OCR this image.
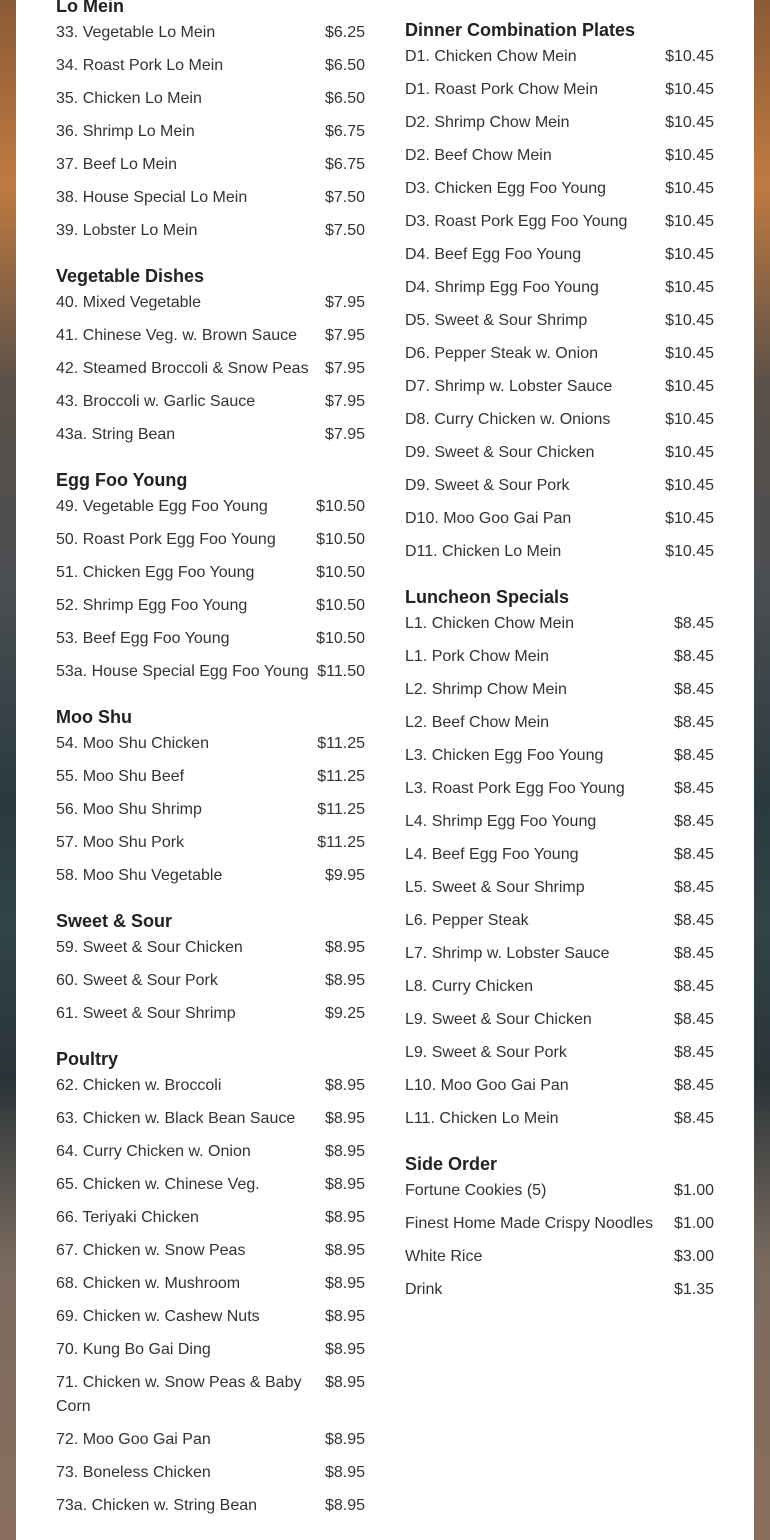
Lo Mein
33. Vegetable Lo Mein	$6.25
34. Roast Pork Lo Mein	$6.50
35. Chicken Lo Mein	$6.50
36. Shrimp Lo Mein	$6.75
37. Beef Lo Mein	$6.75
38. House Special Lo Mein	$7.50
39. Lobster Lo Mein	$7.50
Vegetable Dishes
40. Mixed Vegetable	$7.95
41. Chinese Veg. w. Brown Sauce	$7.95
42. Steamed Broccoli & Snow Peas	$7.95
43. Broccoli w. Garlic Sauce	$7.95
43a. String Bean	$7.95
Egg Foo Young
49. Vegetable Egg Foo Young	$10.50
50. Roast Pork Egg Foo Young	$10.50
51. Chicken Egg Foo Young	$10.50
52. Shrimp Egg Foo Young	$10.50
53. Beef Egg Foo Young	$10.50
53a. House Special Egg Foo Young $11.50
Moo Shu
54. Moo Shu Chicken	$11.25
55. Moo Shu Beef	$11.25
56. Moo Shu Shrimp	$11.25
57. Moo Shu Pork	$11.25
58. Moo Shu Vegetable	$9.95
Sweet & Sour
59. Sweet & Sour Chicken	$8.95
60. Sweet & Sour Pork	$8.95
61. Sweet & Sour Shrimp	$9.25
Poultry
62. Chicken w. Broccoli	$8.95
63. Chicken w. Black Bean Sauce	$8.95
64. Curry Chicken w. Onion	$8.95
65. Chicken w. Chinese Veg.	$8.95
66. Teriyaki Chicken	$8.95
67. Chicken w. Snow Peas	$8.95
68. Chicken w. Mushroom	$8.95
69. Chicken w. Cashew Nuts	$8.95
70. Kung Bo Gai Ding	$8.95
71. Chicken w. Snow Peas & Baby Corn
$8.95
72. Moo Goo Gai Pan	$8.95
73. Boneless Chicken	$8.95
73a. Chicken w. String Bean	$8.95
Dinner Combination Plates
D1. Chicken Chow Mein	$10.45
D1. Roast Pork Chow Mein	$10.45
D2. Shrimp Chow Mein	$10.45
D2. Beef Chow Mein	$10.45
D3. Chicken Egg Foo Young	$10.45
D3. Roast Pork Egg Foo Young	$10.45
D4. Beef Egg Foo Young	$10.45
D4. Shrimp Egg Foo Young	$10.45
D5. Sweet & Sour Shrimp	$10.45
D6. Pepper Steak w. Onion	$10.45
D7. Shrimp w. Lobster Sauce	$10.45
D8. Curry Chicken w. Onions	$10.45
D9. Sweet & Sour Chicken	$10.45
D9. Sweet & Sour Pork	$10.45
D10. Moo Goo Gai Pan	$10.45
D11. Chicken Lo Mein	$10.45
Luncheon Specials
L1. Chicken Chow Mein	$8.45
L1. Pork Chow Mein	$8.45
L2. Shrimp Chow Mein	$8.45
L2. Beef Chow Mein	$8.45
L3. Chicken Egg Foo Young	$8.45
L3. Roast Pork Egg Foo Young	$8.45
L4. Shrimp Egg Foo Young	$8.45
L4. Beef Egg Foo Young	$8.45
L5. Sweet & Sour Shrimp	$8.45
L6. Pepper Steak	$8.45
L7. Shrimp w. Lobster Sauce	$8.45
L8. Curry Chicken	$8.45
L9. Sweet & Sour Chicken	$8.45
L9. Sweet & Sour Pork	$8.45
L10. Moo Goo Gai Pan	$8.45
L11. Chicken Lo Mein	$8.45
Side Order
Fortune Cookies (5)	$1.00
Finest Home Made Crispy Noodles	$1.00
White Rice	$3.00
Drink	$1.35
